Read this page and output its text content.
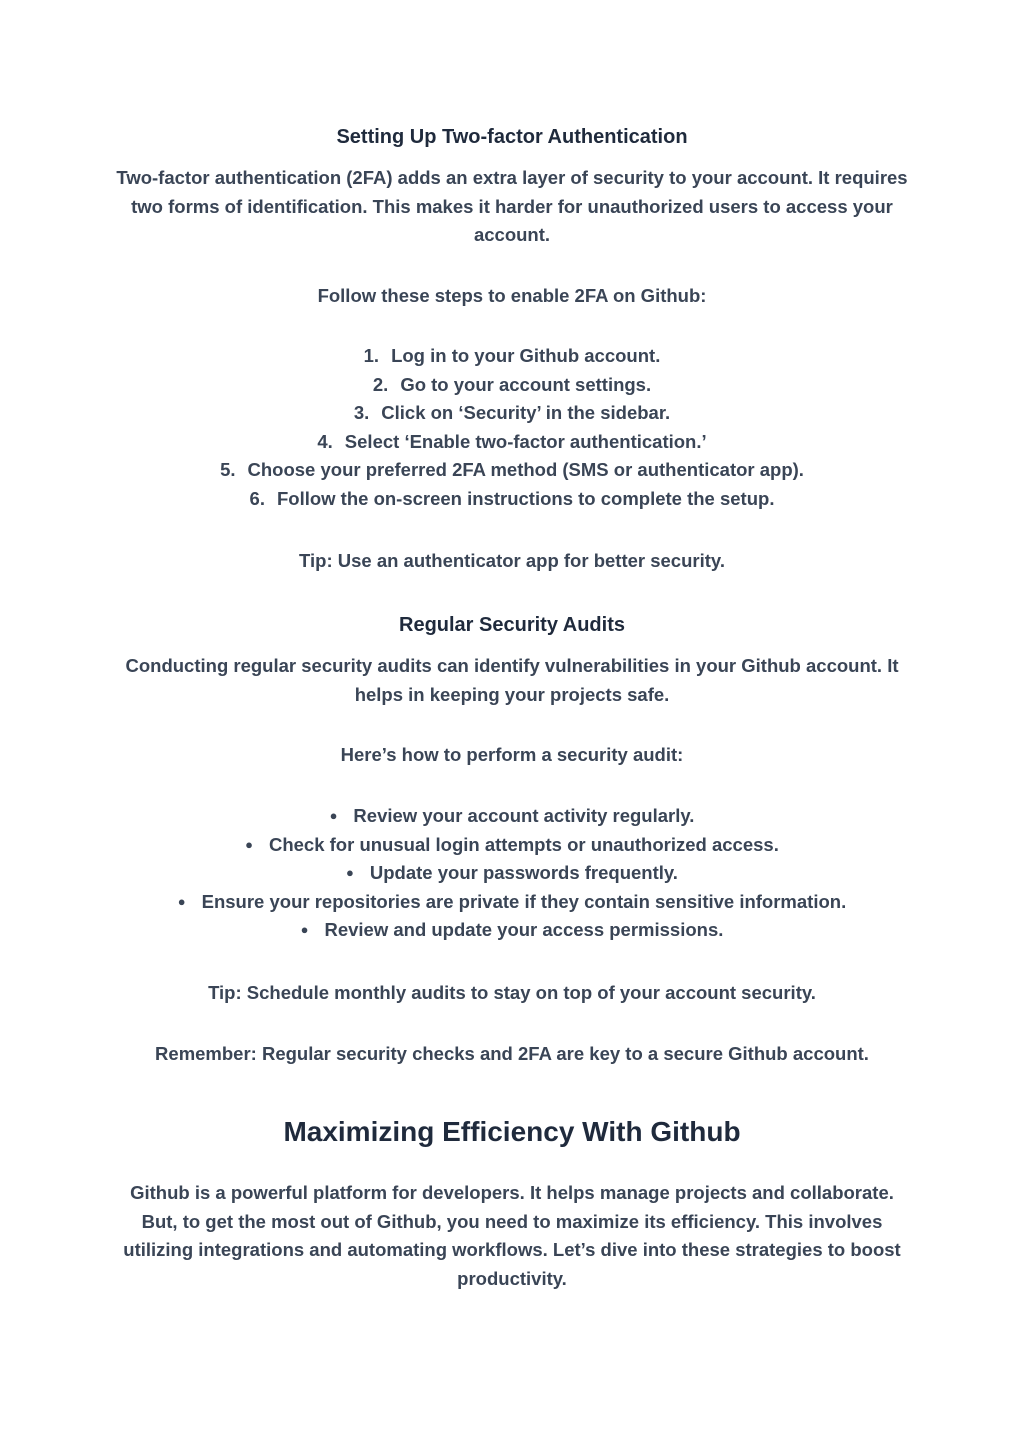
Setting Up Two-factor Authentication

Two-factor authentication (2FA) adds an extra layer of security to your account. It requires two forms of identification. This makes it harder for unauthorized users to access your account.

Follow these steps to enable 2FA on Github:

1. Log in to your Github account.
2. Go to your account settings.
3. Click on ‘Security’ in the sidebar.
4. Select ‘Enable two-factor authentication.’
5. Choose your preferred 2FA method (SMS or authenticator app).
6. Follow the on-screen instructions to complete the setup.

Tip: Use an authenticator app for better security.

Regular Security Audits

Conducting regular security audits can identify vulnerabilities in your Github account. It helps in keeping your projects safe.

Here’s how to perform a security audit:

● Review your account activity regularly.
● Check for unusual login attempts or unauthorized access.
● Update your passwords frequently.
● Ensure your repositories are private if they contain sensitive information.
● Review and update your access permissions.

Tip: Schedule monthly audits to stay on top of your account security.

Remember: Regular security checks and 2FA are key to a secure Github account.

Maximizing Efficiency With Github

Github is a powerful platform for developers. It helps manage projects and collaborate. But, to get the most out of Github, you need to maximize its efficiency. This involves utilizing integrations and automating workflows. Let’s dive into these strategies to boost productivity.
